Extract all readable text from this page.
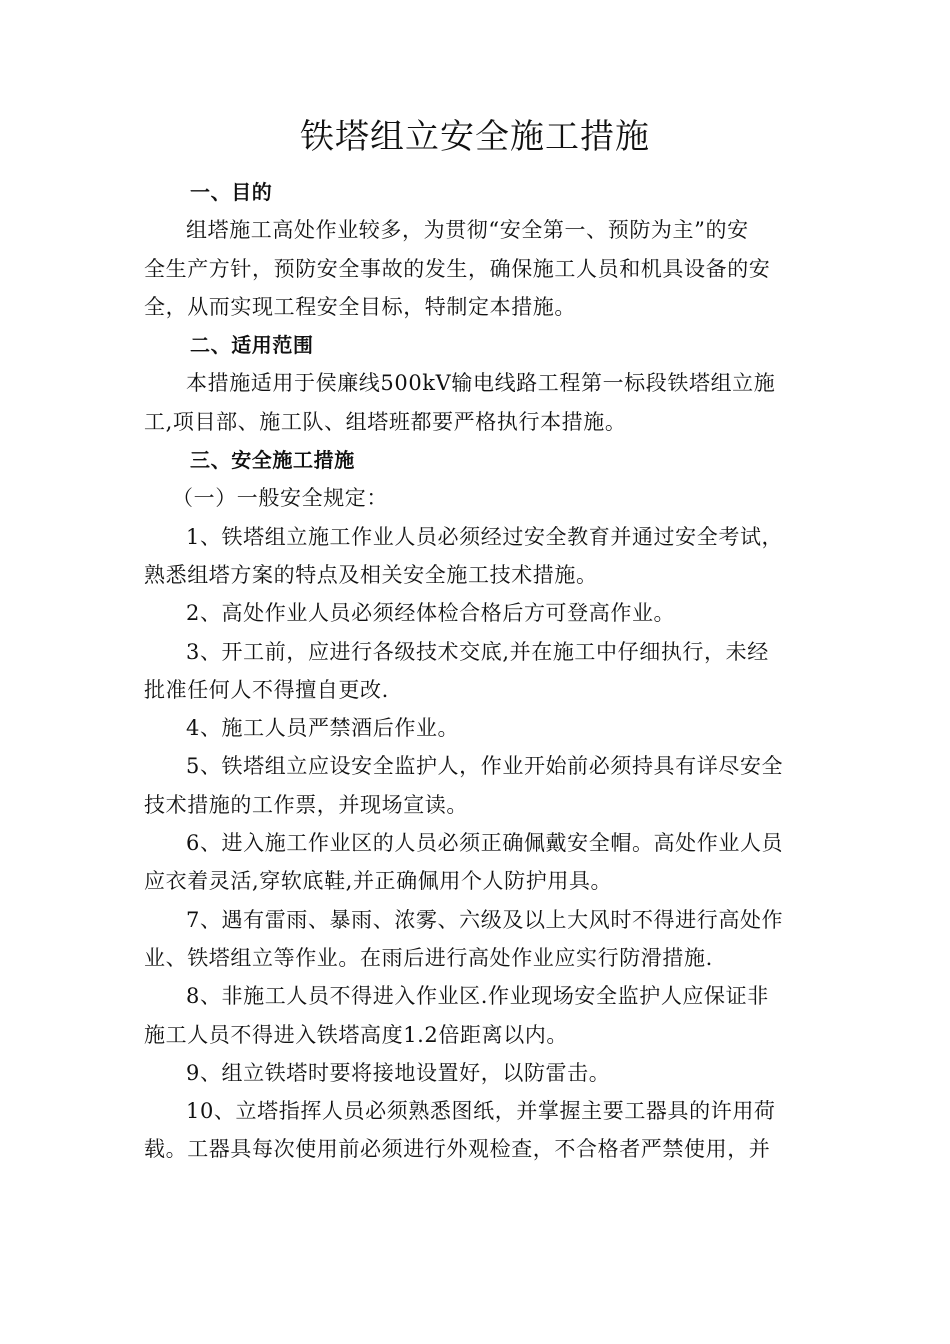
铁塔组立安全施工措施
一、目的
组塔施工高处作业较多，为贯彻“安全第一、预防为主”的安
全生产方针，预防安全事故的发生，确保施工人员和机具设备的安
全，从而实现工程安全目标，特制定本措施。
二、适用范围
本措施适用于侯廉线500kV输电线路工程第一标段铁塔组立施
工,项目部、施工队、组塔班都要严格执行本措施。
三、安全施工措施
（一）一般安全规定：
1、铁塔组立施工作业人员必须经过安全教育并通过安全考试，
熟悉组塔方案的特点及相关安全施工技术措施。
2、高处作业人员必须经体检合格后方可登高作业。
3、开工前，应进行各级技术交底,并在施工中仔细执行，未经
批准任何人不得擅自更改.
4、施工人员严禁酒后作业。
5、铁塔组立应设安全监护人，作业开始前必须持具有详尽安全
技术措施的工作票，并现场宣读。
6、进入施工作业区的人员必须正确佩戴安全帽。高处作业人员
应衣着灵活,穿软底鞋,并正确佩用个人防护用具。
7、遇有雷雨、暴雨、浓雾、六级及以上大风时不得进行高处作
业、铁塔组立等作业。在雨后进行高处作业应实行防滑措施.
8、非施工人员不得进入作业区.作业现场安全监护人应保证非
施工人员不得进入铁塔高度1.2倍距离以内。
9、组立铁塔时要将接地设置好，以防雷击。
10、立塔指挥人员必须熟悉图纸，并掌握主要工器具的许用荷
载。工器具每次使用前必须进行外观检查，不合格者严禁使用，并
